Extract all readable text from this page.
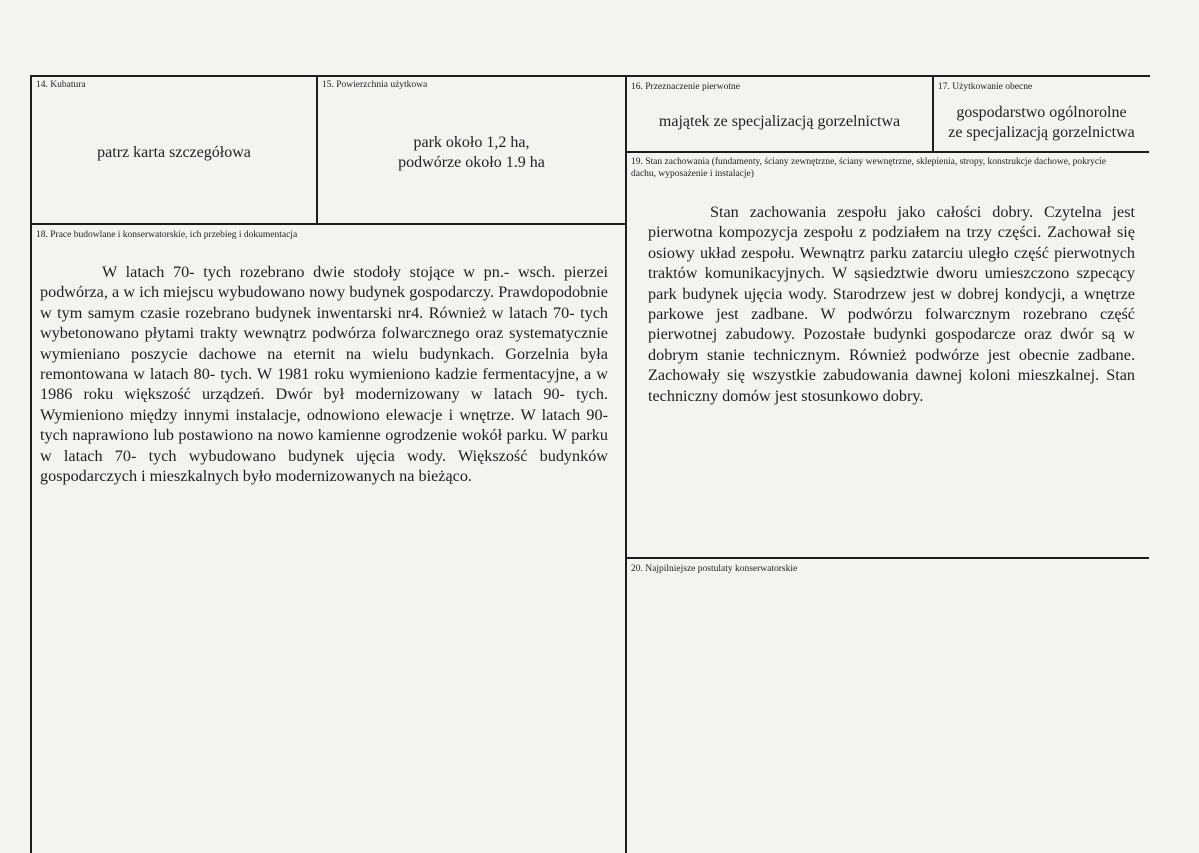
14. Kubatura
patrz karta szczegółowa
15. Powierzchnia użytkowa
park około 1,2 ha,
podwórze około 1.9 ha
16. Przeznaczenie pierwotne
majątek ze specjalizacją gorzelnictwa
17. Użytkowanie obecne
gospodarstwo ogólnorolne
ze specjalizacją gorzelnictwa
18. Prace budowlane i konserwatorskie, ich przebieg i dokumentacja

W latach 70- tych rozebrano dwie stodoły stojące w pn.- wsch. pierzei podwórza, a w ich miejscu wybudowano nowy budynek gospodarczy. Prawdopodobnie w tym samym czasie rozebrano budynek inwentarski nr4. Również w latach 70- tych wybetonowano płytami trakty wewnątrz podwórza folwarcznego oraz systematycznie wymieniano poszycie dachowe na eternit na wielu budynkach. Gorzelnia była remontowana w latach 80- tych. W 1981 roku wymieniono kadzie fermentacyjne, a w 1986 roku większość urządzeń. Dwór był modernizowany w latach 90- tych. Wymieniono między innymi instalacje, odnowiono elewacje i wnętrze. W latach 90- tych naprawiono lub postawiono na nowo kamienne ogrodzenie wokół parku. W parku w latach 70- tych wybudowano budynek ujęcia wody. Większość budynków gospodarczych i mieszkalnych było modernizowanych na bieżąco.

19. Stan zachowania (fundamenty, ściany zewnętrzne, ściany wewnętrzne, sklepienia, stropy, konstrukcje dachowe, pokrycie dachu, wyposażenie i instalacje)

Stan zachowania zespołu jako całości dobry. Czytelna jest pierwotna kompozycja zespołu z podziałem na trzy części. Zachował się osiowy układ zespołu. Wewnątrz parku zatarciu uległo część pierwotnych traktów komunikacyjnych. W sąsiedztwie dworu umieszczono szpecący park budynek ujęcia wody. Starodrzew jest w dobrej kondycji, a wnętrze parkowe jest zadbane. W podwórzu folwarcznym rozebrano część pierwotnej zabudowy. Pozostałe budynki gospodarcze oraz dwór są w dobrym stanie technicznym. Również podwórze jest obecnie zadbane. Zachowały się wszystkie zabudowania dawnej koloni mieszkalnej. Stan techniczny domów jest stosunkowo dobry.

20. Najpilniejsze postulaty konserwatorskie
